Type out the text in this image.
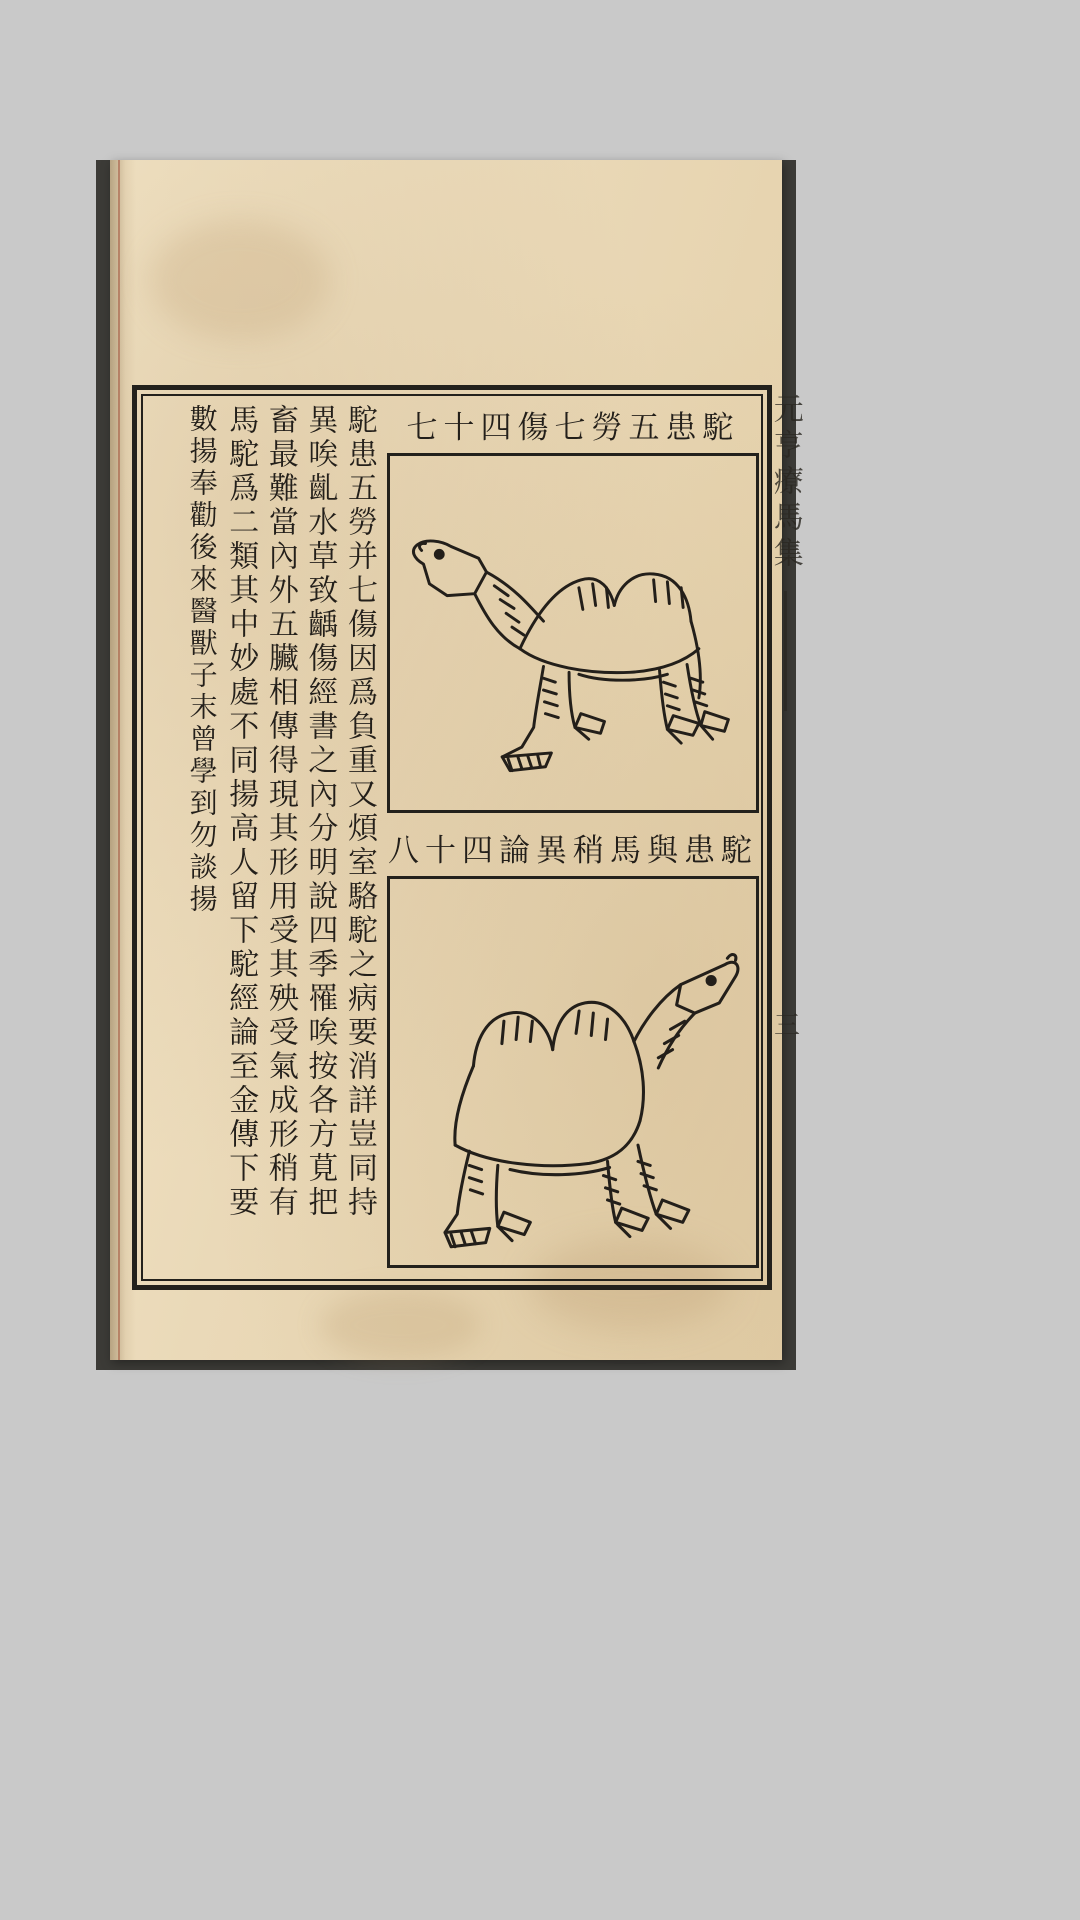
元亨療馬集
三
駝患五勞并七傷因爲負重又煩室駱駝之病要消詳豈同持
異唉齓水草致齲傷經書之內分明說四季罹唉按各方莧把
畜最難當內外五臟相傳得現其形用受其殃受氣成形稍有
馬駝爲二類其中妙處不同揚高人留下駝經論至金傳下要
數揚奉勸後來醫獸子末曾學到勿談揚	駝患五勞七傷四十七
駝患與馬稍異論四十八
